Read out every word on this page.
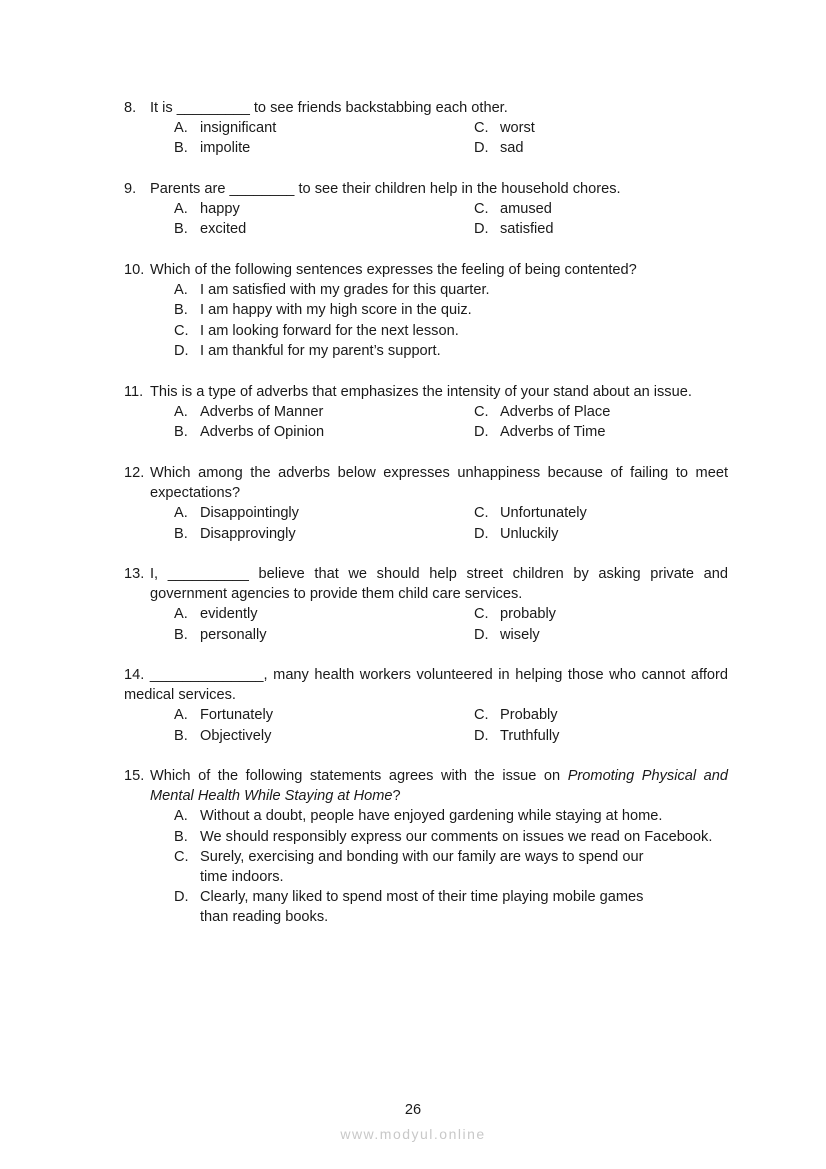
8. It is _________ to see friends backstabbing each other.
A. insignificant	C. worst
B. impolite	D. sad
9. Parents are ________ to see their children help in the household chores.
A. happy	C. amused
B. excited	D. satisfied
10. Which of the following sentences expresses the feeling of being contented?
A. I am satisfied with my grades for this quarter.
B. I am happy with my high score in the quiz.
C. I am looking forward for the next lesson.
D. I am thankful for my parent’s support.
11. This is a type of adverbs that emphasizes the intensity of your stand about an issue.
A. Adverbs of Manner	C. Adverbs of Place
B. Adverbs of Opinion	D. Adverbs of Time
12. Which among the adverbs below expresses unhappiness because of failing to meet expectations?
A. Disappointingly	C. Unfortunately
B. Disapprovingly	D. Unluckily
13. I, __________ believe that we should help street children by asking private and government agencies to provide them child care services.
A. evidently	C. probably
B. personally	D. wisely
14. ______________, many health workers volunteered in helping those who cannot afford medical services.
A. Fortunately	C. Probably
B. Objectively	D. Truthfully
15. Which of the following statements agrees with the issue on Promoting Physical and Mental Health While Staying at Home?
A. Without a doubt, people have enjoyed gardening while staying at home.
B. We should responsibly express our comments on issues we read on Facebook.
C. Surely, exercising and bonding with our family are ways to spend our time indoors.
D. Clearly, many liked to spend most of their time playing mobile games than reading books.
26
www.modyul.online
